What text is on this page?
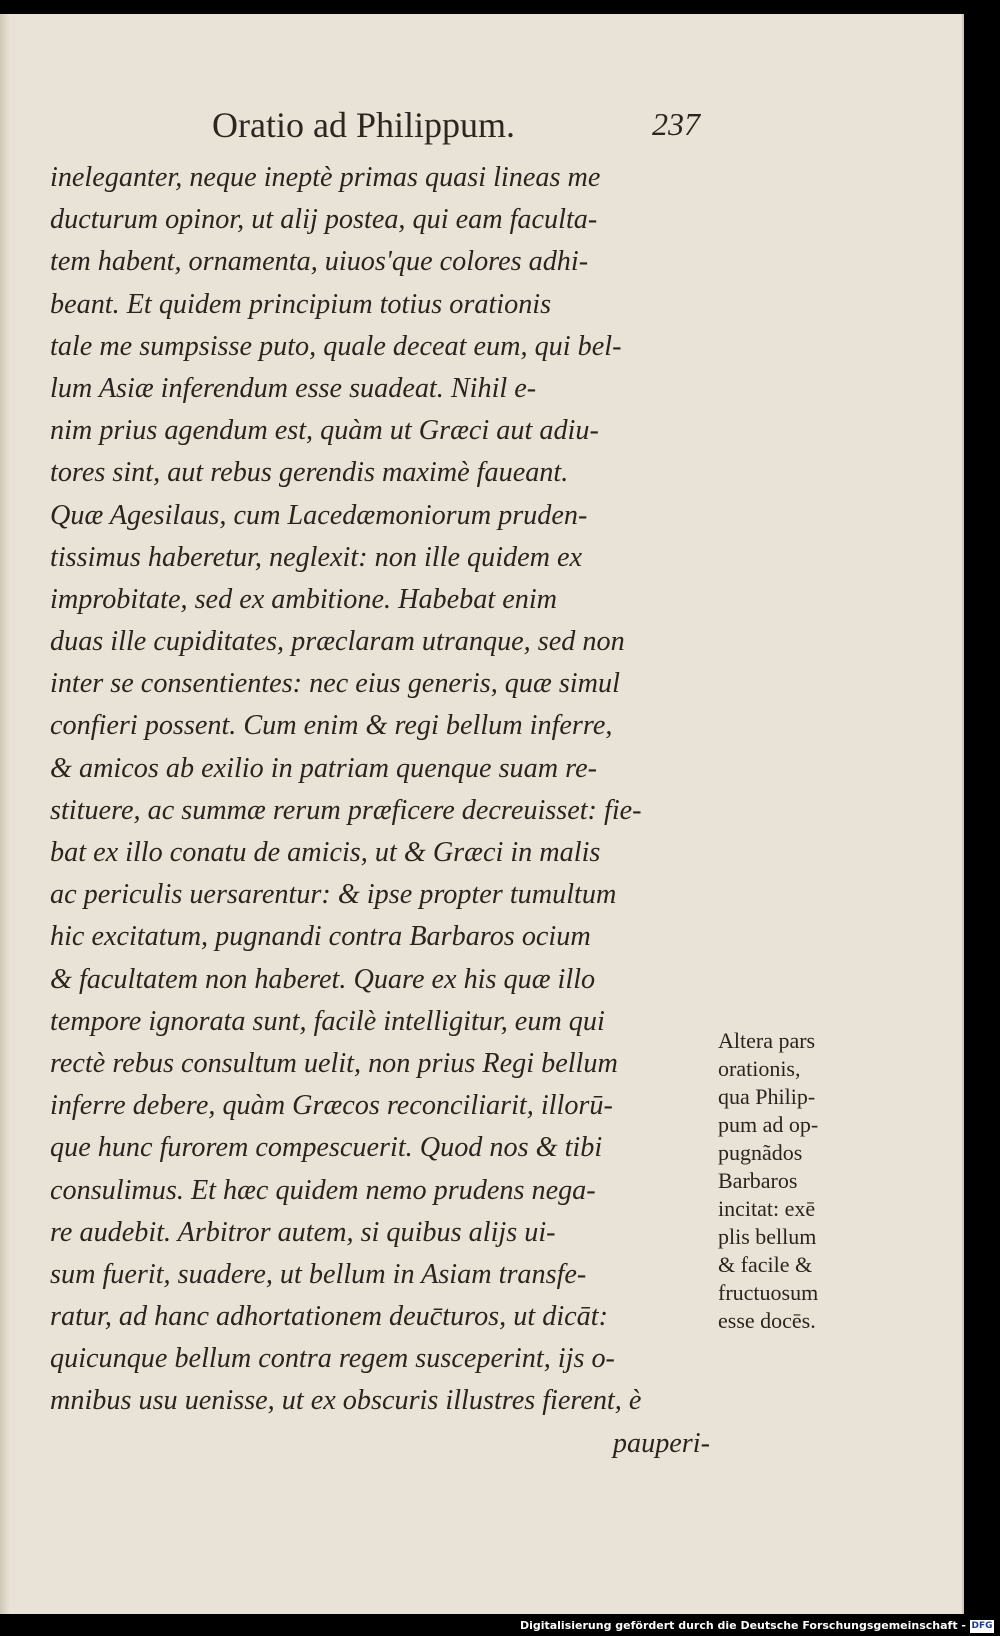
Oratio ad Philippum.	237
ineleganter, neque ineptè primas quasi lineas me
ducturum opinor, ut alij postea, qui eam faculta-
tem habent, ornamenta, uiuos'que colores adhi-
beant. Et quidem principium totius orationis
tale me sumpsisse puto, quale deceat eum, qui bel-
lum Asiæ inferendum esse suadeat. Nihil e-
nim prius agendum est, quàm ut Græci aut adiu-
tores sint, aut rebus gerendis maximè faueant.
Quæ Agesilaus, cum Lacedæmoniorum pruden-
tissimus haberetur, neglexit: non ille quidem ex
improbitate, sed ex ambitione. Habebat enim
duas ille cupiditates, præclaram utranque, sed non
inter se consentientes: nec eius generis, quæ simul
confieri possent. Cum enim & regi bellum inferre,
& amicos ab exilio in patriam quenque suam re-
stituere, ac summæ rerum præficere decreuisset: fie-
bat ex illo conatu de amicis, ut & Græci in malis
ac periculis uersarentur: & ipse propter tumultum
hic excitatum, pugnandi contra Barbaros ocium
& facultatem non haberet. Quare ex his quæ illo
tempore ignorata sunt, facilè intelligitur, eum qui
rectè rebus consultum uelit, non prius Regi bellum
inferre debere, quàm Græcos reconciliarit, illorū-
que hunc furorem compescuerit. Quod nos & tibi
consulimus. Et hæc quidem nemo prudens nega-
re audebit. Arbitror autem, si quibus alijs ui-
sum fuerit, suadere, ut bellum in Asiam transfe-
ratur, ad hanc adhortationem deuc̄turos, ut dicāt:
quicunque bellum contra regem susceperint, ijs o-
mnibus usu uenisse, ut ex obscuris illustres fierent, è
pauperi-
Altera pars
orationis,
qua Philip-
pum ad op-
pugnãdos
Barbaros
incitat: exē
plis bellum
& facile &
fructuosum
esse docēs.
Digitalisierung gefördert durch die Deutsche Forschungsgemeinschaft - DFG
